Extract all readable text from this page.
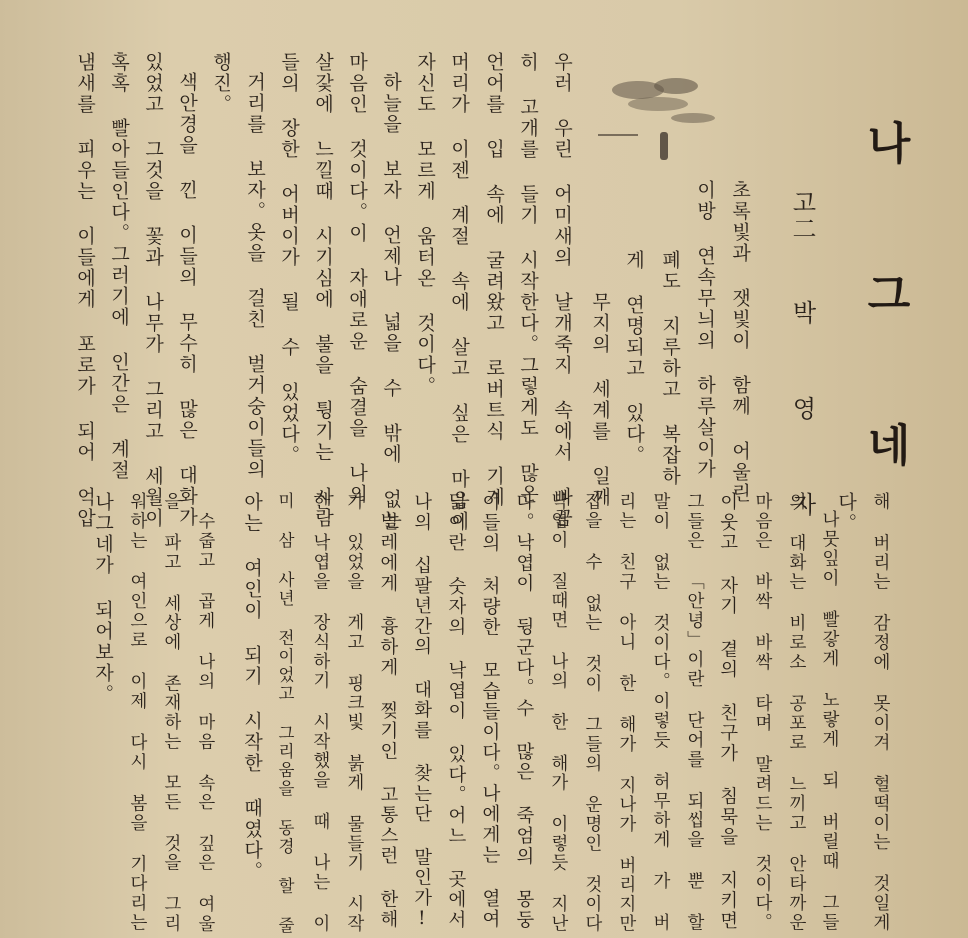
나 그 네
고二 박 영 자
초록빛과 잿빛이 함께 어울린
이방 연속무늬의 하루살이가
폐도 지루하고 복잡하
게 연명되고 있다。
무지의 세계를 일깨
우러 우린 어미새의 날개죽지 속에서 빠끔
히 고개를 들기 시작한다。그렇게도 많은
언어를 입 속에 굴려왔고 로버트식 기계
머리가 이젠 계절 속에 살고 싶은 마음이
자신도 모르게 움터온 것이다。
하늘을 보자 언제나 넓을 수 밖에 없는
마음인 것이다。이 자애로운 숨결을 나의
살갗에 느낄때 시기심에 불을 튕기는 사람
들의 장한 어버이가 될 수 있었다。
거리를 보자。옷을 걸친 벌거숭이들의
행진。
색안경을 낀 이들의 무수히 많은 대화가
있었고 그것을 꽃과 나무가 그리고 세월이
혹혹 빨아들인다。그러기에 인간은 계절
냄새를 피우는 이들에게 포로가 되어 억압
해 버리는 감정에 못이겨 헐떡이는 것일게
다。
나뭇잎이 빨갛게 노랗게 되 버릴때 그들
의 대화는 비로소 공포로 느끼고 안타까운
마음은 바싹 바싹 타며 말려드는 것이다。
이웃고 자기 곁의 친구가 침묵을 지키면
그들은 「안녕」이란 단어를 되씹을 뿐 할
말이 없는 것이다。이렇듯 허무하게 가 버
리는 친구 아니 한 해가 지나가 버리지만
잡을 수 없는 것이 그들의 운명인 것이다
낙엽이 질때면 나의 한 해가 이렇듯 지난
다。낙엽이 뒹군다。수 많은 죽엄의 몽둥
이들의 처량한 모습들이다。나에게는 열여
덟이란 숫자의 낙엽이 있다。어느 곳에서
나의 십팔년간의 대화를 찾는단 말인가!
벌레에게 흉하게 찢기인 고통스런 한해
가 있었을 게고 핑크빛 붉게 물들기 시작
한 낙엽을 장식하기 시작했을 때 나는 이
미 삼 사년 전이었고 그리움을 동경 할 줄
아는 여인이 되기 시작한 때였다。
수줍고 곱게 나의 마음 속은 깊은 여울
을 파고 세상에 존재하는 모든 것을 그리
워하는 여인으로 이제 다시 봄을 기다리는
나그네가 되어보자。
